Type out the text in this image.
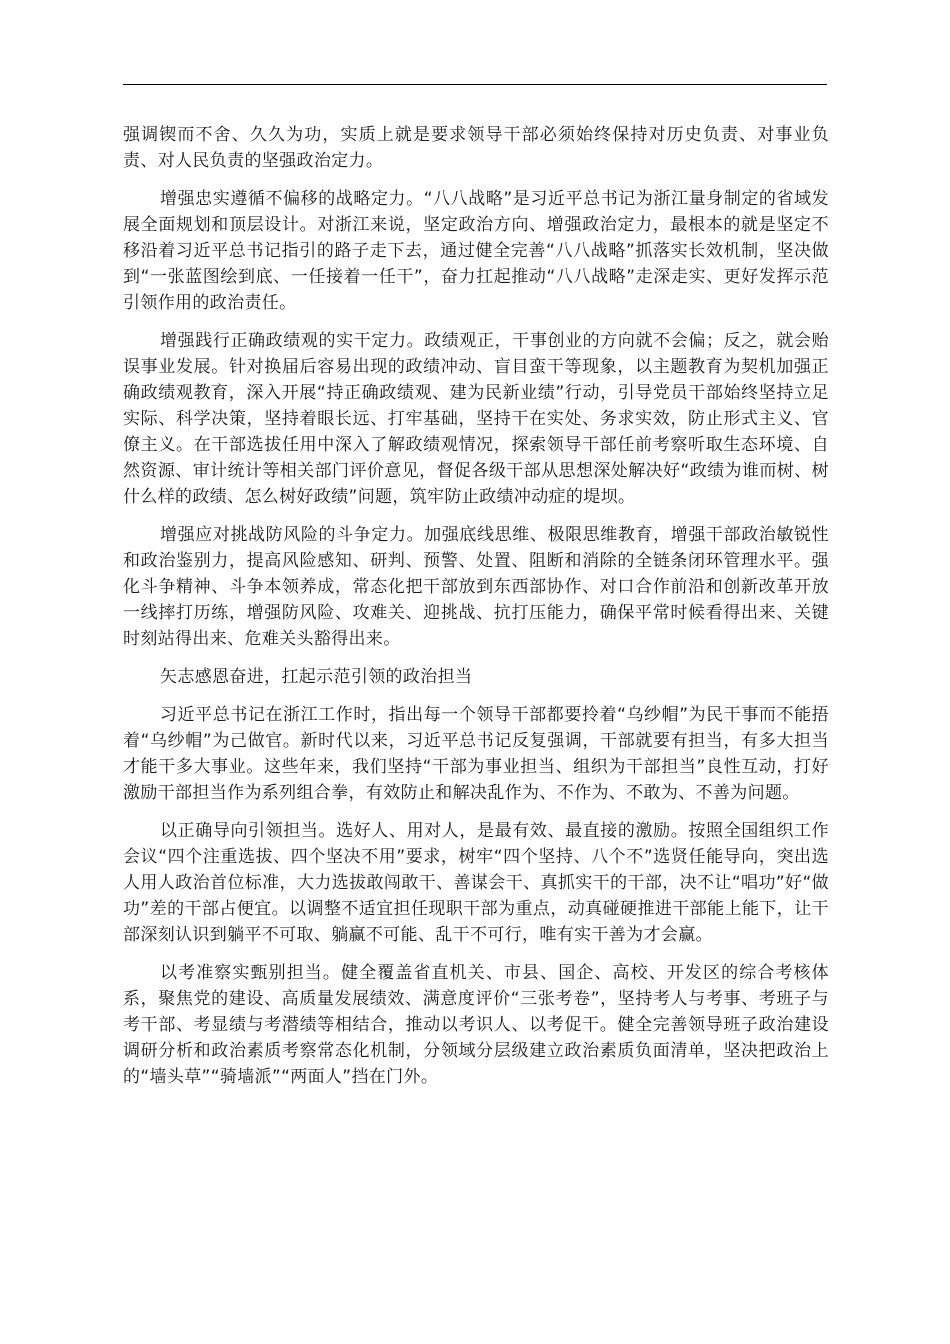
强调锲而不舍、久久为功，实质上就是要求领导干部必须始终保持对历史负责、对事业负责、对人民负责的坚强政治定力。

增强忠实遵循不偏移的战略定力。“八八战略”是习近平总书记为浙江量身制定的省域发展全面规划和顶层设计。对浙江来说，坚定政治方向、增强政治定力，最根本的就是坚定不移沿着习近平总书记指引的路子走下去，通过健全完善“八八战略”抓落实长效机制，坚决做到“一张蓝图绘到底、一任接着一任干”，奋力扛起推动“八八战略”走深走实、更好发挥示范引领作用的政治责任。

增强践行正确政绩观的实干定力。政绩观正，干事创业的方向就不会偏；反之，就会贻误事业发展。针对换届后容易出现的政绩冲动、盲目蛮干等现象，以主题教育为契机加强正确政绩观教育，深入开展“持正确政绩观、建为民新业绩”行动，引导党员干部始终坚持立足实际、科学决策，坚持着眼长远、打牢基础，坚持干在实处、务求实效，防止形式主义、官僚主义。在干部选拔任用中深入了解政绩观情况，探索领导干部任前考察听取生态环境、自然资源、审计统计等相关部门评价意见，督促各级干部从思想深处解决好“政绩为谁而树、树什么样的政绩、怎么树好政绩”问题，筑牢防止政绩冲动症的堤坝。

增强应对挑战防风险的斗争定力。加强底线思维、极限思维教育，增强干部政治敏锐性和政治鉴别力，提高风险感知、研判、预警、处置、阻断和消除的全链条闭环管理水平。强化斗争精神、斗争本领养成，常态化把干部放到东西部协作、对口合作前沿和创新改革开放一线摔打历练，增强防风险、攻难关、迎挑战、抗打压能力，确保平常时候看得出来、关键时刻站得出来、危难关头豁得出来。

矢志感恩奋进，扛起示范引领的政治担当

习近平总书记在浙江工作时，指出每一个领导干部都要拎着“乌纱帽”为民干事而不能捂着“乌纱帽”为己做官。新时代以来，习近平总书记反复强调，干部就要有担当，有多大担当才能干多大事业。这些年来，我们坚持“干部为事业担当、组织为干部担当”良性互动，打好激励干部担当作为系列组合拳，有效防止和解决乱作为、不作为、不敢为、不善为问题。

以正确导向引领担当。选好人、用对人，是最有效、最直接的激励。按照全国组织工作会议“四个注重选拔、四个坚决不用”要求，树牢“四个坚持、八个不”选贤任能导向，突出选人用人政治首位标准，大力选拔敢闯敢干、善谋会干、真抓实干的干部，决不让“唱功”好“做功”差的干部占便宜。以调整不适宜担任现职干部为重点，动真碰硬推进干部能上能下，让干部深刻认识到躺平不可取、躺赢不可能、乱干不可行，唯有实干善为才会赢。

以考准察实甄别担当。健全覆盖省直机关、市县、国企、高校、开发区的综合考核体系，聚焦党的建设、高质量发展绩效、满意度评价“三张考卷”，坚持考人与考事、考班子与考干部、考显绩与考潜绩等相结合，推动以考识人、以考促干。健全完善领导班子政治建设调研分析和政治素质考察常态化机制，分领域分层级建立政治素质负面清单，坚决把政治上的“墙头草”“骑墙派”“两面人”挡在门外。
